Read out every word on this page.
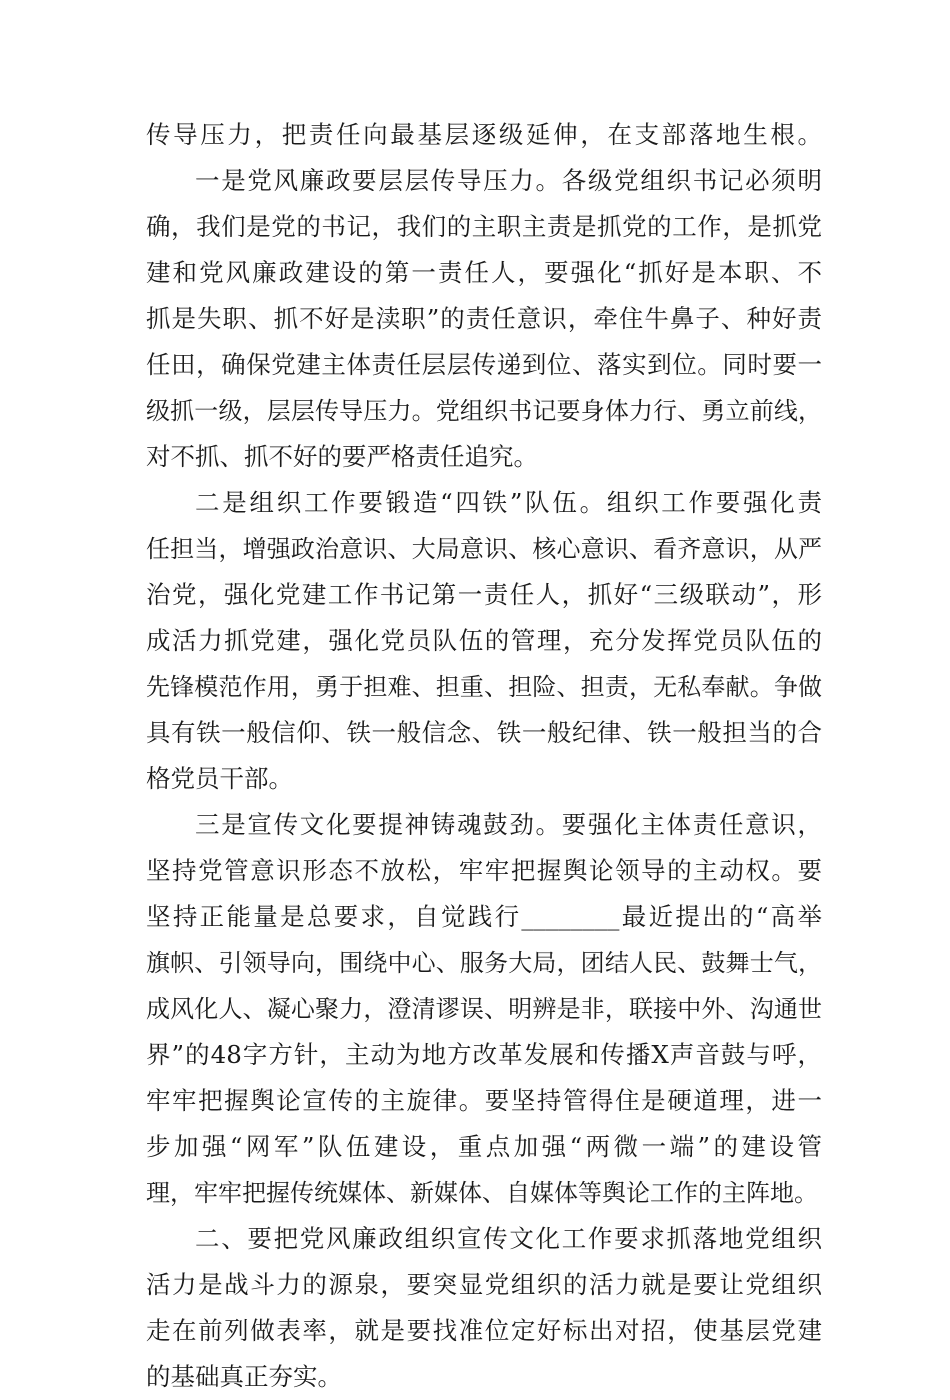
传导压力，把责任向最基层逐级延伸，在支部落地生根。
一是党风廉政要层层传导压力。各级党组织书记必须明
确，我们是党的书记，我们的主职主责是抓党的工作，是抓党
建和党风廉政建设的第一责任人，要强化“抓好是本职、不
抓是失职、抓不好是渎职”的责任意识，牵住牛鼻子、种好责
任田，确保党建主体责任层层传递到位、落实到位。同时要一
级抓一级，层层传导压力。党组织书记要身体力行、勇立前线，
对不抓、抓不好的要严格责任追究。
二是组织工作要锻造“四铁”队伍。组织工作要强化责
任担当，增强政治意识、大局意识、核心意识、看齐意识，从严
治党，强化党建工作书记第一责任人，抓好“三级联动”，形
成活力抓党建，强化党员队伍的管理，充分发挥党员队伍的
先锋模范作用，勇于担难、担重、担险、担责，无私奉献。争做
具有铁一般信仰、铁一般信念、铁一般纪律、铁一般担当的合
格党员干部。
三是宣传文化要提神铸魂鼓劲。要强化主体责任意识，
坚持党管意识形态不放松，牢牢把握舆论领导的主动权。要
坚持正能量是总要求，自觉践行________最近提出的“高举
旗帜、引领导向，围绕中心、服务大局，团结人民、鼓舞士气，
成风化人、凝心聚力，澄清谬误、明辨是非，联接中外、沟通世
界”的48字方针，主动为地方改革发展和传播X声音鼓与呼，
牢牢把握舆论宣传的主旋律。要坚持管得住是硬道理，进一
步加强“网军”队伍建设，重点加强“两微一端”的建设管
理，牢牢把握传统媒体、新媒体、自媒体等舆论工作的主阵地。
二、要把党风廉政组织宣传文化工作要求抓落地党组织
活力是战斗力的源泉，要突显党组织的活力就是要让党组织
走在前列做表率，就是要找准位定好标出对招，使基层党建
的基础真正夯实。
